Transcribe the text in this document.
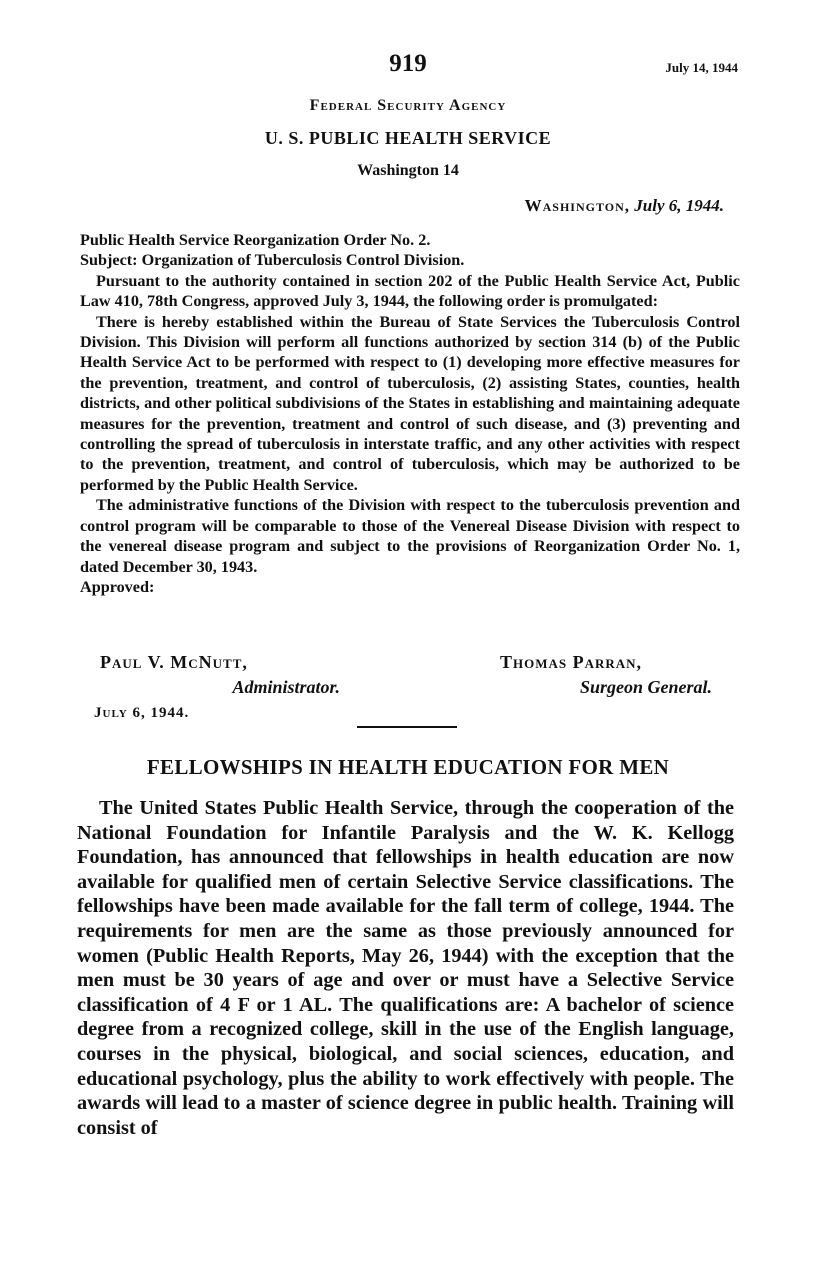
919	July 14, 1944
Federal Security Agency
U. S. PUBLIC HEALTH SERVICE
Washington 14
Washington, July 6, 1944.

Public Health Service Reorganization Order No. 2.

Subject: Organization of Tuberculosis Control Division.

Pursuant to the authority contained in section 202 of the Public Health Service Act, Public Law 410, 78th Congress, approved July 3, 1944, the following order is promulgated:

There is hereby established within the Bureau of State Services the Tuberculosis Control Division. This Division will perform all functions authorized by section 314 (b) of the Public Health Service Act to be performed with respect to (1) developing more effective measures for the prevention, treatment, and control of tuberculosis, (2) assisting States, counties, health districts, and other political subdivisions of the States in establishing and maintaining adequate measures for the prevention, treatment and control of such disease, and (3) preventing and controlling the spread of tuberculosis in interstate traffic, and any other activities with respect to the prevention, treatment, and control of tuberculosis, which may be authorized to be performed by the Public Health Service.

The administrative functions of the Division with respect to the tuberculosis prevention and control program will be comparable to those of the Venereal Disease Division with respect to the venereal disease program and subject to the provisions of Reorganization Order No. 1, dated December 30, 1943.

Approved:

Paul V. McNutt,
Administrator.
Thomas Parran,
Surgeon General.
July 6, 1944.
FELLOWSHIPS IN HEALTH EDUCATION FOR MEN

The United States Public Health Service, through the cooperation of the National Foundation for Infantile Paralysis and the W. K. Kellogg Foundation, has announced that fellowships in health education are now available for qualified men of certain Selective Service classifications. The fellowships have been made available for the fall term of college, 1944. The requirements for men are the same as those previously announced for women (Public Health Reports, May 26, 1944) with the exception that the men must be 30 years of age and over or must have a Selective Service classification of 4 F or 1 AL. The qualifications are: A bachelor of science degree from a recognized college, skill in the use of the English language, courses in the physical, biological, and social sciences, education, and educational psychology, plus the ability to work effectively with people. The awards will lead to a master of science degree in public health. Training will consist of
